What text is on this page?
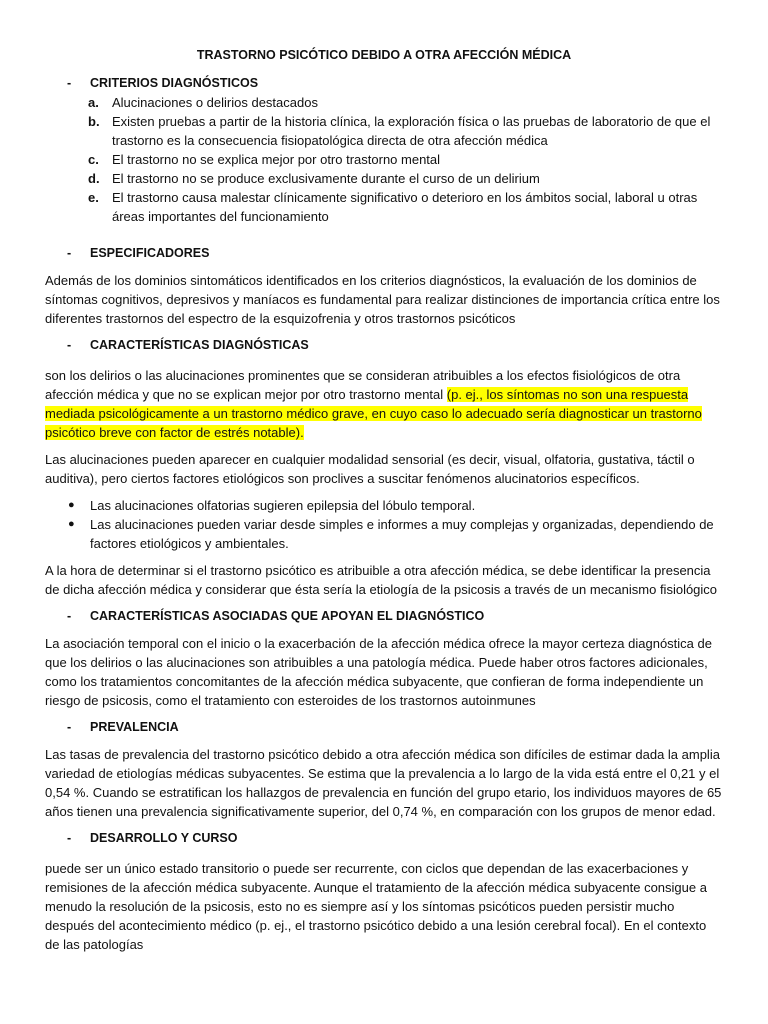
TRASTORNO PSICÓTICO DEBIDO A OTRA AFECCIÓN MÉDICA
- CRITERIOS DIAGNÓSTICOS
a. Alucinaciones o delirios destacados
b. Existen pruebas a partir de la historia clínica, la exploración física o las pruebas de laboratorio de que el trastorno es la consecuencia fisiopatológica directa de otra afección médica
c. El trastorno no se explica mejor por otro trastorno mental
d. El trastorno no se produce exclusivamente durante el curso de un delirium
e. El trastorno causa malestar clínicamente significativo o deterioro en los ámbitos social, laboral u otras áreas importantes del funcionamiento
- ESPECIFICADORES

Además de los dominios sintomáticos identificados en los criterios diagnósticos, la evaluación de los dominios de síntomas cognitivos, depresivos y maníacos es fundamental para realizar distinciones de importancia crítica entre los diferentes trastornos del espectro de la esquizofrenia y otros trastornos psicóticos

- CARACTERÍSTICAS DIAGNÓSTICAS

son los delirios o las alucinaciones prominentes que se consideran atribuibles a los efectos fisiológicos de otra afección médica y que no se explican mejor por otro trastorno mental (p. ej., los síntomas no son una respuesta mediada psicológicamente a un trastorno médico grave, en cuyo caso lo adecuado sería diagnosticar un trastorno psicótico breve con factor de estrés notable).

Las alucinaciones pueden aparecer en cualquier modalidad sensorial (es decir, visual, olfatoria, gustativa, táctil o auditiva), pero ciertos factores etiológicos son proclives a suscitar fenómenos alucinatorios específicos.

● Las alucinaciones olfatorias sugieren epilepsia del lóbulo temporal.
● Las alucinaciones pueden variar desde simples e informes a muy complejas y organizadas, dependiendo de factores etiológicos y ambientales.

A la hora de determinar si el trastorno psicótico es atribuible a otra afección médica, se debe identificar la presencia de dicha afección médica y considerar que ésta sería la etiología de la psicosis a través de un mecanismo fisiológico

- CARACTERÍSTICAS ASOCIADAS QUE APOYAN EL DIAGNÓSTICO

La asociación temporal con el inicio o la exacerbación de la afección médica ofrece la mayor certeza diagnóstica de que los delirios o las alucinaciones son atribuibles a una patología médica. Puede haber otros factores adicionales, como los tratamientos concomitantes de la afección médica subyacente, que confieran de forma independiente un riesgo de psicosis, como el tratamiento con esteroides de los trastornos autoinmunes

- PREVALENCIA

Las tasas de prevalencia del trastorno psicótico debido a otra afección médica son difíciles de estimar dada la amplia variedad de etiologías médicas subyacentes. Se estima que la prevalencia a lo largo de la vida está entre el 0,21 y el 0,54 %. Cuando se estratifican los hallazgos de prevalencia en función del grupo etario, los individuos mayores de 65 años tienen una prevalencia significativamente superior, del 0,74 %, en comparación con los grupos de menor edad.

- DESARROLLO Y CURSO

puede ser un único estado transitorio o puede ser recurrente, con ciclos que dependan de las exacerbaciones y remisiones de la afección médica subyacente. Aunque el tratamiento de la afección médica subyacente consigue a menudo la resolución de la psicosis, esto no es siempre así y los síntomas psicóticos pueden persistir mucho después del acontecimiento médico (p. ej., el trastorno psicótico debido a una lesión cerebral focal). En el contexto de las patologías
